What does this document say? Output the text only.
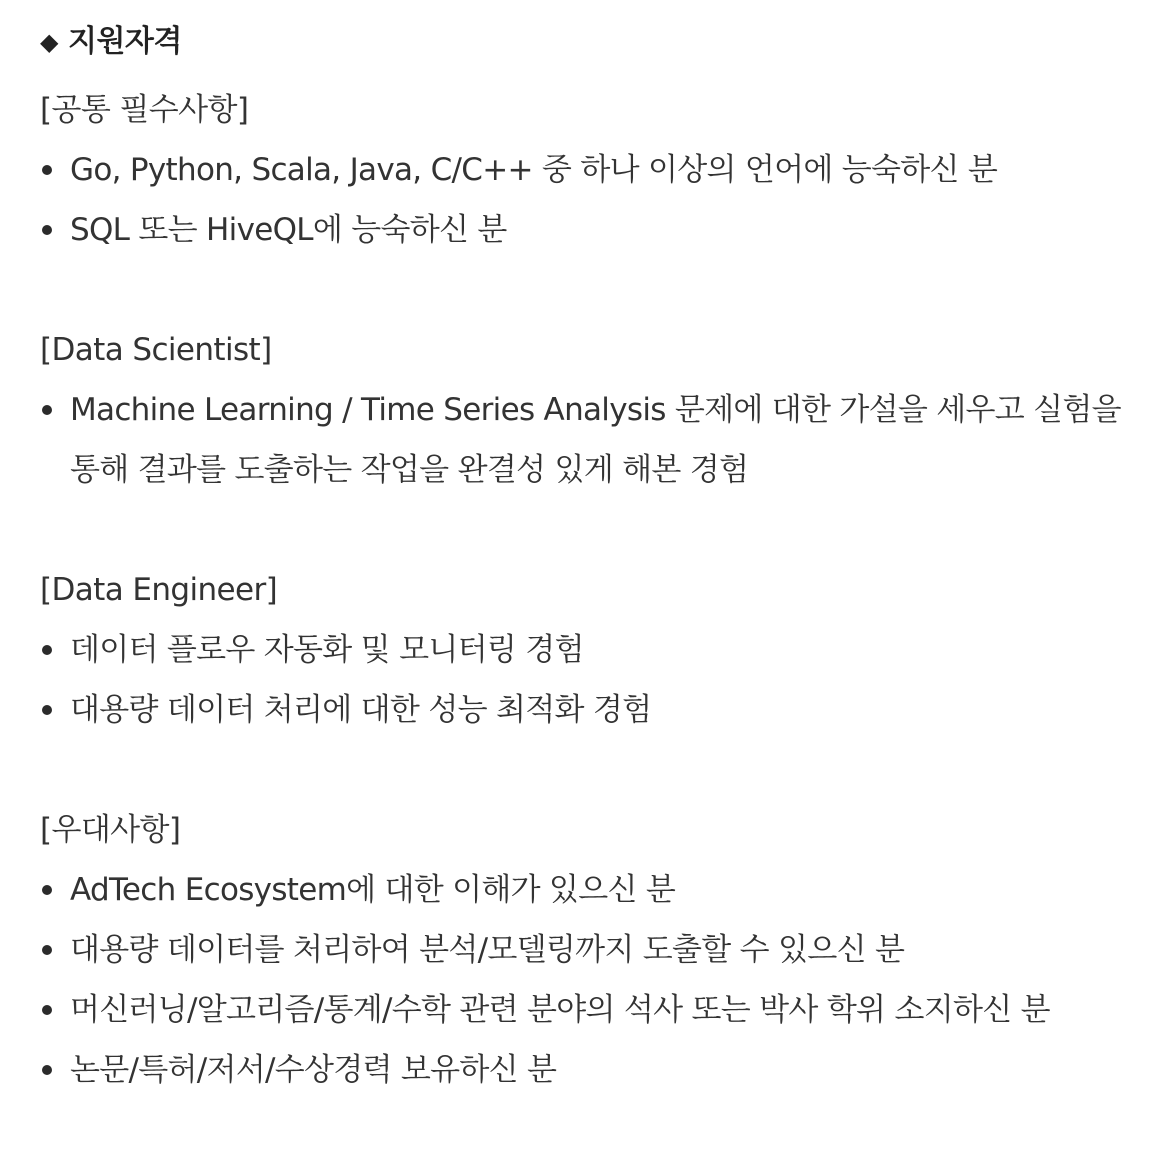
◆ 지원자격
[공통 필수사항]
Go, Python, Scala, Java, C/C++ 중 하나 이상의 언어에 능숙하신 분
SQL 또는 HiveQL에 능숙하신 분
[Data Scientist]
Machine Learning / Time Series Analysis 문제에 대한 가설을 세우고 실험을 통해 결과를 도출하는 작업을 완결성 있게 해본 경험
[Data Engineer]
데이터 플로우 자동화 및 모니터링 경험
대용량 데이터 처리에 대한 성능 최적화 경험
[우대사항]
AdTech Ecosystem에 대한 이해가 있으신 분
대용량 데이터를 처리하여 분석/모델링까지 도출할 수 있으신 분
머신러닝/알고리즘/통계/수학 관련 분야의 석사 또는 박사 학위 소지하신 분
논문/특허/저서/수상경력 보유하신 분
